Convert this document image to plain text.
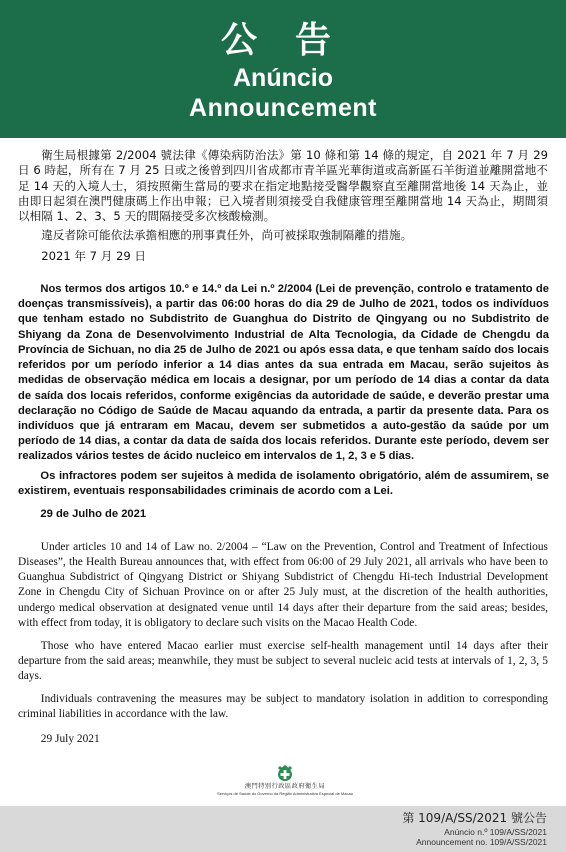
公 告
Anúncio
Announcement

衛生局根據第 2/2004 號法律《傳染病防治法》第 10 條和第 14 條的規定，自 2021 年 7 月 29 日 6 時起，所有在 7 月 25 日或之後曾到四川省成都市青羊區光華街道或高新區石羊街道並離開當地不足 14 天的入境人士，須按照衛生當局的要求在指定地點接受醫學觀察直至離開當地後 14 天為止，並由即日起須在澳門健康碼上作出申報；已入境者則須接受自我健康管理至離開當地 14 天為止，期間須以相隔 1、2、3、5 天的間隔接受多次核酸檢測。

違反者除可能依法承擔相應的刑事責任外，尚可被採取強制隔離的措施。

2021 年 7 月 29 日

Nos termos dos artigos 10.º e 14.º da Lei n.º 2/2004 (Lei de prevenção, controlo e tratamento de doenças transmissíveis), a partir das 06:00 horas do dia 29 de Julho de 2021, todos os indivíduos que tenham estado no Subdistrito de Guanghua do Distrito de Qingyang ou no Subdistrito de Shiyang da Zona de Desenvolvimento Industrial de Alta Tecnologia, da Cidade de Chengdu da Província de Sichuan, no dia 25 de Julho de 2021 ou após essa data, e que tenham saído dos locais referidos por um período inferior a 14 dias antes da sua entrada em Macau, serão sujeitos às medidas de observação médica em locais a designar, por um período de 14 dias a contar da data de saída dos locais referidos, conforme exigências da autoridade de saúde, e deverão prestar uma declaração no Código de Saúde de Macau aquando da entrada, a partir da presente data. Para os indivíduos que já entraram em Macau, devem ser submetidos a auto-gestão da saúde por um período de 14 dias, a contar da data de saída dos locais referidos. Durante este período, devem ser realizados vários testes de ácido nucleico em intervalos de 1, 2, 3 e 5 dias.

Os infractores podem ser sujeitos à medida de isolamento obrigatório, além de assumirem, se existirem, eventuais responsabilidades criminais de acordo com a Lei.

29 de Julho de 2021

Under articles 10 and 14 of Law no. 2/2004 – “Law on the Prevention, Control and Treatment of Infectious Diseases”, the Health Bureau announces that, with effect from 06:00 of 29 July 2021, all arrivals who have been to Guanghua Subdistrict of Qingyang District or Shiyang Subdistrict of Chengdu Hi-tech Industrial Development Zone in Chengdu City of Sichuan Province on or after 25 July must, at the discretion of the health authorities, undergo medical observation at designated venue until 14 days after their departure from the said areas; besides, with effect from today, it is obligatory to declare such visits on the Macao Health Code.

Those who have entered Macao earlier must exercise self-health management until 14 days after their departure from the said areas; meanwhile, they must be subject to several nucleic acid tests at intervals of 1, 2, 3, 5 days.

Individuals contravening the measures may be subject to mandatory isolation in addition to corresponding criminal liabilities in accordance with the law.

29 July 2021

澳門特別行政區政府衛生局
Serviços de Saúde do Governo da Região Administrativa Especial de Macau
第 109/A/SS/2021 號公告
Anúncio n.º 109/A/SS/2021
Announcement no. 109/A/SS/2021
